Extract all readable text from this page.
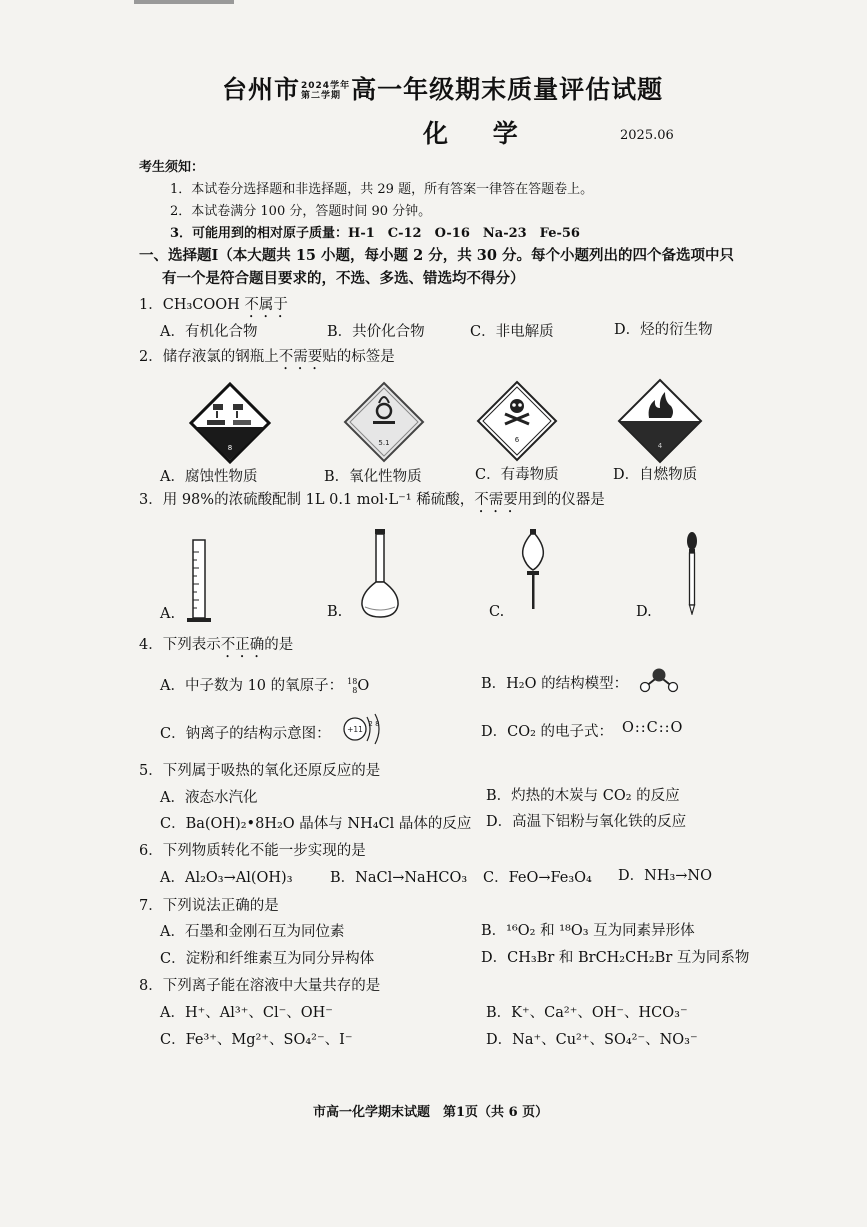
台州市2024学年
第二学期 高一年级期末质量评估试题
化 学	2025.06
考生须知：
1．本试卷分选择题和非选择题，共 29 题，所有答案一律答在答题卷上。
2．本试卷满分 100 分，答题时间 90 分钟。
3．可能用到的相对原子质量：H-1　C-12　O-16　Na-23　Fe-56
一、选择题Ⅰ（本大题共 15 小题，每小题 2 分，共 30 分。每个小题列出的四个备选项中只
有一个是符合题目要求的，不选、多选、错选均不得分）
1．CH₃COOH 不属于
A．有机化合物	B．共价化合物	C．非电解质	D．烃的衍生物
2．储存液氯的钢瓶上不需要贴的标签是
8
5.1	6
4
A．腐蚀性物质	B．氧化性物质	C．有毒物质	D．自燃物质
3．用 98%的浓硫酸配制 1L 0.1 mol·L⁻¹ 稀硫酸，不需要用到的仪器是
A.	B.	C.	D.
4．下列表示不正确的是
A．中子数为 10 的氧原子： 18
8O	B．H₂O 的结构模型：
C．钠离子的结构示意图： +11
2 8	D．CO₂ 的电子式： O::C::O
5．下列属于吸热的氧化还原反应的是
A．液态水汽化	B．灼热的木炭与 CO₂ 的反应
C．Ba(OH)₂•8H₂O 晶体与 NH₄Cl 晶体的反应 D．高温下铝粉与氧化铁的反应
6．下列物质转化不能一步实现的是
A．Al₂O₃→Al(OH)₃	B．NaCl→NaHCO₃ C．FeO→Fe₃O₄ D．NH₃→NO
7．下列说法正确的是
A．石墨和金刚石互为同位素	B．¹⁶O₂ 和 ¹⁸O₃ 互为同素异形体
C．淀粉和纤维素互为同分异构体	D．CH₃Br 和 BrCH₂CH₂Br 互为同系物
8．下列离子能在溶液中大量共存的是
A．H⁺、Al³⁺、Cl⁻、OH⁻	B．K⁺、Ca²⁺、OH⁻、HCO₃⁻
C．Fe³⁺、Mg²⁺、SO₄²⁻、I⁻	D．Na⁺、Cu²⁺、SO₄²⁻、NO₃⁻
市高一化学期末试题　第1页（共 6 页）
